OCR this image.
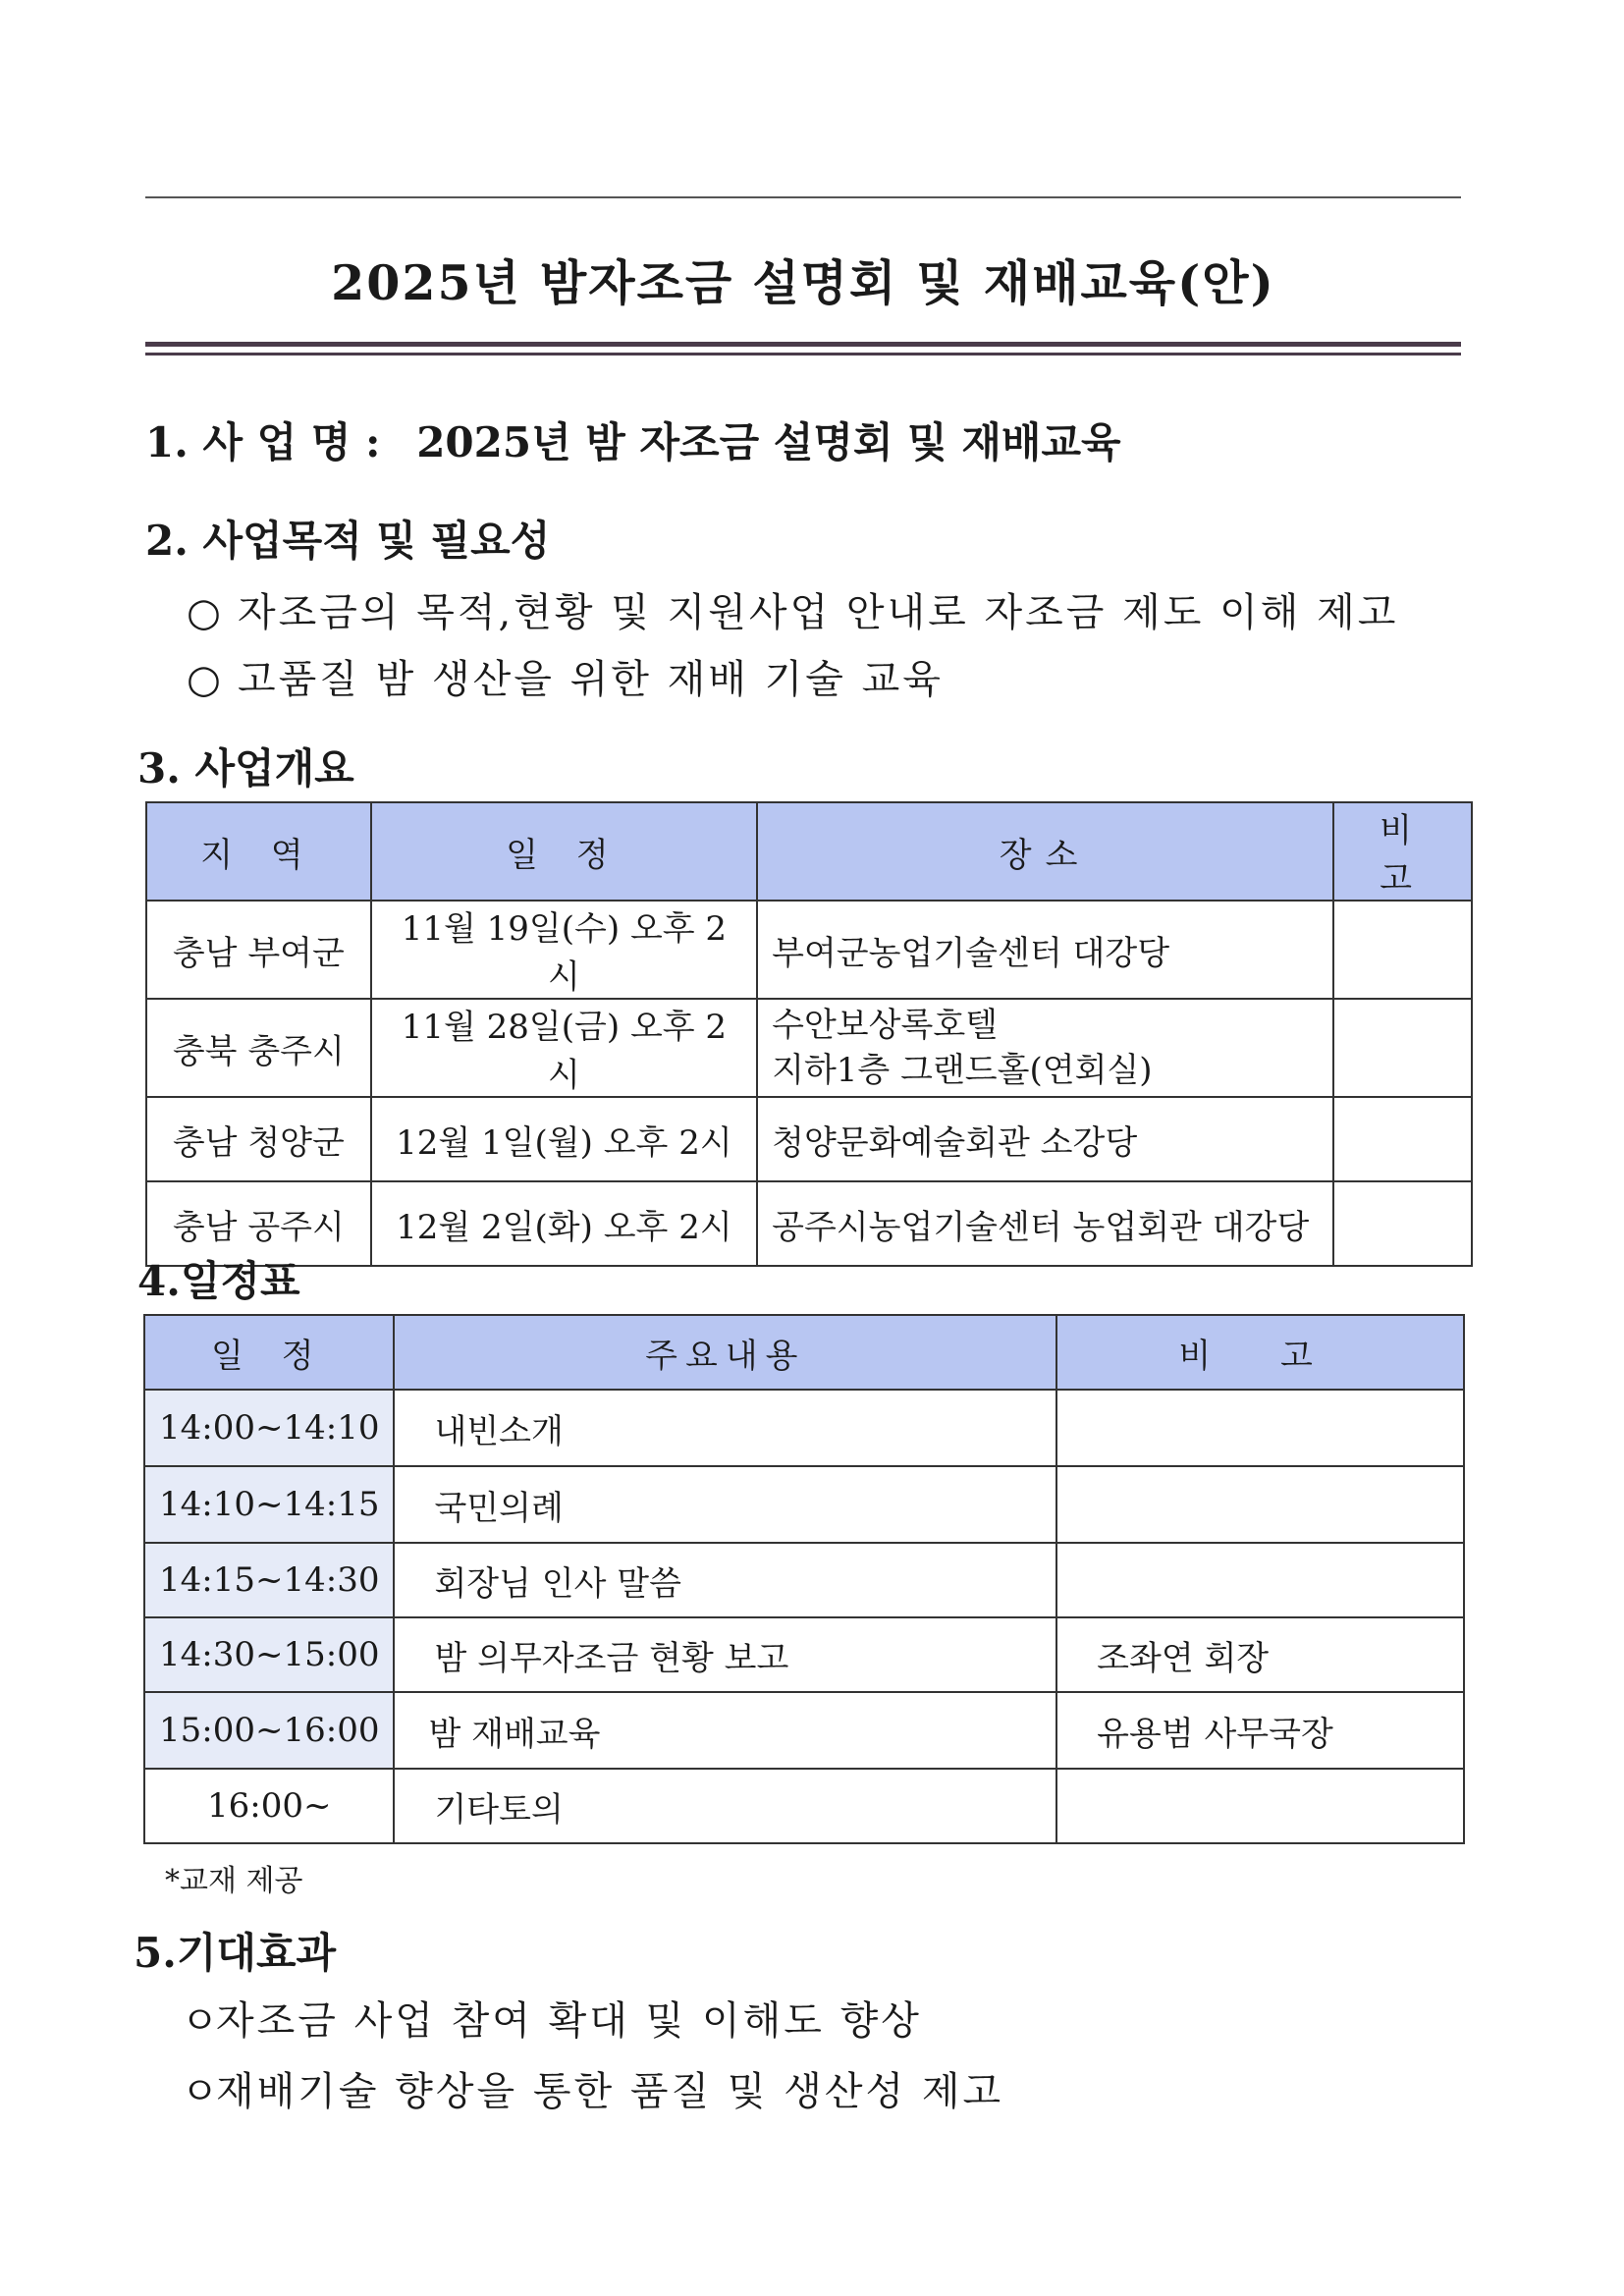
2025년 밤자조금 설명회 및 재배교육(안)
1. 사 업 명 : 2025년 밤 자조금 설명회 및 재배교육
2. 사업목적 및 필요성
○ 자조금의 목적,현황 및 지원사업 안내로 자조금 제도 이해 제고
○ 고품질 밤 생산을 위한 재배 기술 교육
3. 사업개요
지 역	일 정	장소	비 고
충남 부여군	11월 19일(수) 오후 2시	부여군농업기술센터 대강당	

충북 충주시	11월 28일(금) 오후 2시	수안보상록호텔
지하1층 그랜드홀(연회실)	

충남 청양군	12월 1일(월) 오후 2시	청양문화예술회관 소강당	

충남 공주시	12월 2일(화) 오후 2시	공주시농업기술센터 농업회관 대강당	

4.일정표
일 정	주요내용	비 고
14:00~14:10	내빈소개	
14:10~14:15	국민의례	
14:15~14:30	회장님 인사 말씀	
14:30~15:00	밤 의무자조금 현황 보고	조좌연 회장
15:00~16:00	밤 재배교육	유용범 사무국장
16:00~	기타토의	
*교재 제공
5.기대효과
ㅇ자조금 사업 참여 확대 및 이해도 향상
ㅇ재배기술 향상을 통한 품질 및 생산성 제고
